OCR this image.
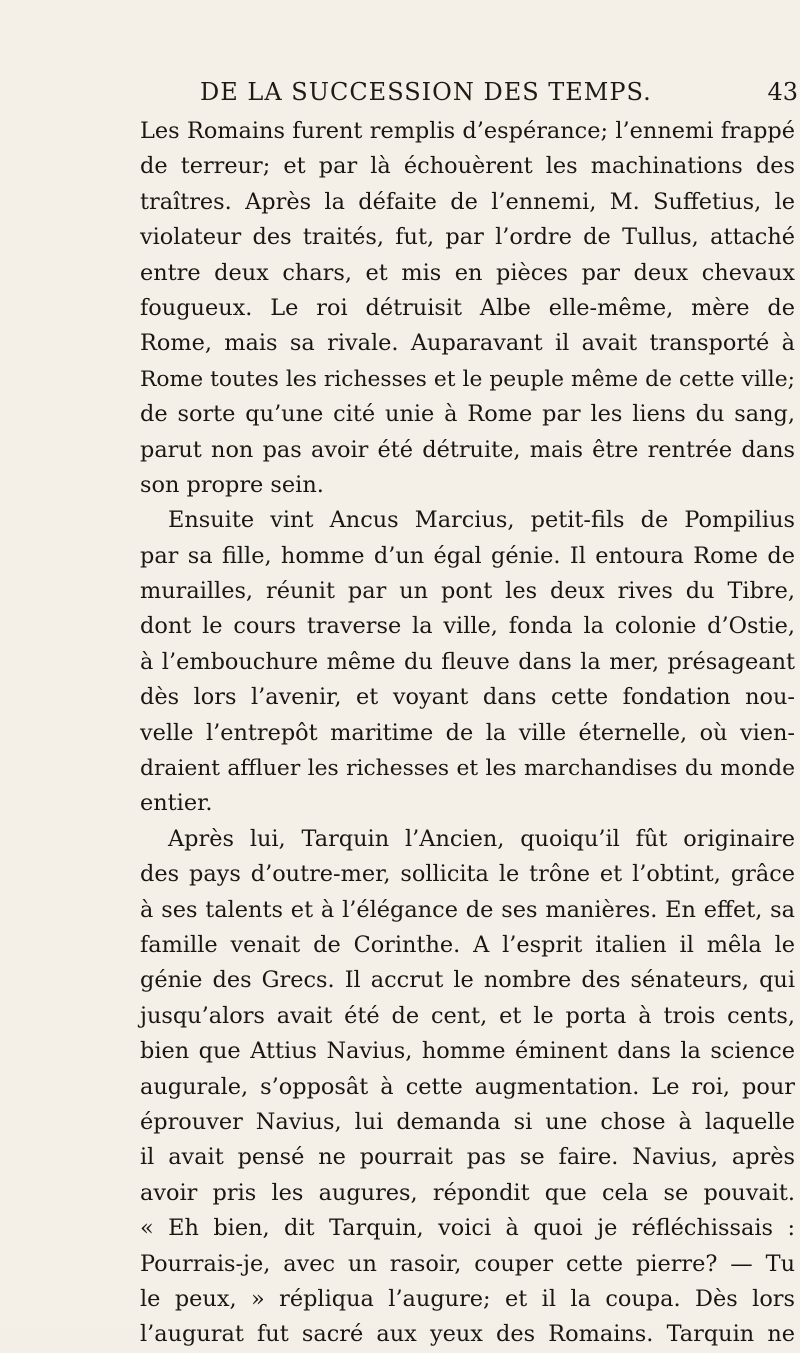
DE LA SUCCESSION DES TEMPS.	43
Les Romains furent remplis d’espérance; l’ennemi frappé
de terreur; et par là échouèrent les machinations des
traîtres. Après la défaite de l’ennemi, M. Suffetius, le
violateur des traités, fut, par l’ordre de Tullus, attaché
entre deux chars, et mis en pièces par deux chevaux
fougueux. Le roi détruisit Albe elle-même, mère de
Rome, mais sa rivale. Auparavant il avait transporté à
Rome toutes les richesses et le peuple même de cette ville;
de sorte qu’une cité unie à Rome par les liens du sang,
parut non pas avoir été détruite, mais être rentrée dans
son propre sein.
Ensuite vint Ancus Marcius, petit-fils de Pompilius
par sa fille, homme d’un égal génie. Il entoura Rome de
murailles, réunit par un pont les deux rives du Tibre,
dont le cours traverse la ville, fonda la colonie d’Ostie,
à l’embouchure même du fleuve dans la mer, présageant
dès lors l’avenir, et voyant dans cette fondation nou-
velle l’entrepôt maritime de la ville éternelle, où vien-
draient affluer les richesses et les marchandises du monde
entier.
Après lui, Tarquin l’Ancien, quoiqu’il fût originaire
des pays d’outre-mer, sollicita le trône et l’obtint, grâce
à ses talents et à l’élégance de ses manières. En effet, sa
famille venait de Corinthe. A l’esprit italien il mêla le
génie des Grecs. Il accrut le nombre des sénateurs, qui
jusqu’alors avait été de cent, et le porta à trois cents,
bien que Attius Navius, homme éminent dans la science
augurale, s’opposât à cette augmentation. Le roi, pour
éprouver Navius, lui demanda si une chose à laquelle
il avait pensé ne pourrait pas se faire. Navius, après
avoir pris les augures, répondit que cela se pouvait.
« Eh bien, dit Tarquin, voici à quoi je réfléchissais :
Pourrais-je, avec un rasoir, couper cette pierre? — Tu
le peux, » répliqua l’augure; et il la coupa. Dès lors
l’augurat fut sacré aux yeux des Romains. Tarquin ne
